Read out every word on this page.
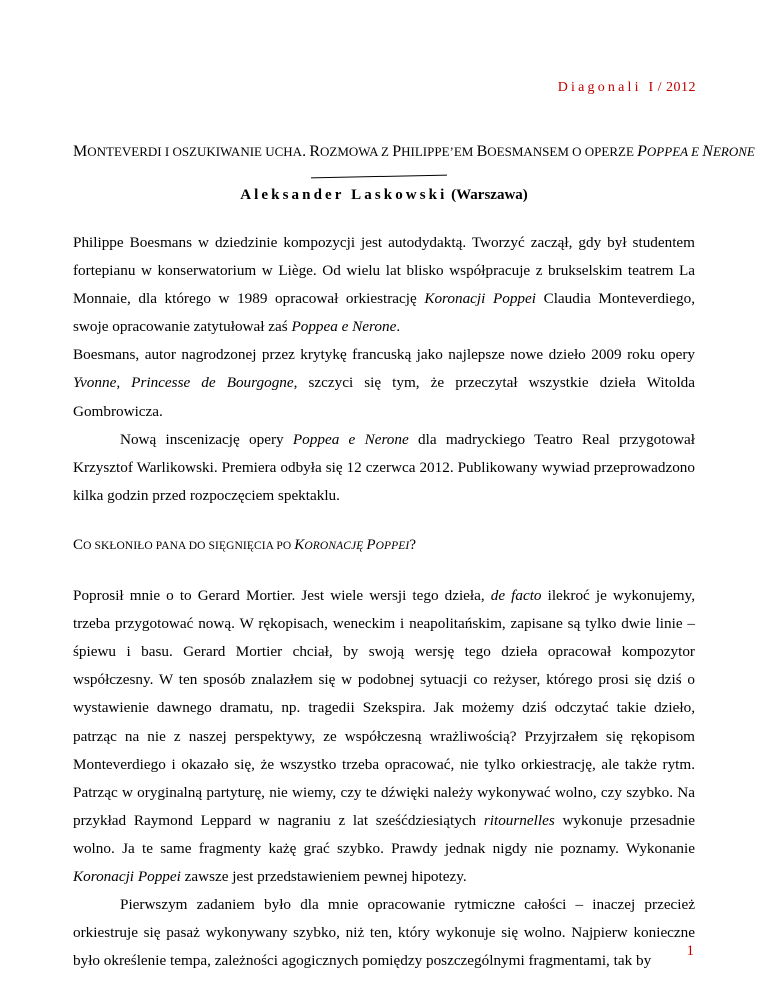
Diagonali I / 2012
MONTEVERDI I OSZUKIWANIE UCHA. ROZMOWA Z PHILIPPE’EM BOESMANSEM O OPERZE POPPEA E NERONE
Aleksander Laskowski (Warszawa)

Philippe Boesmans w dziedzinie kompozycji jest autodydaktą. Tworzyć zaczął, gdy był studentem fortepianu w konserwatorium w Liège. Od wielu lat blisko współpracuje z brukselskim teatrem La Monnaie, dla którego w 1989 opracował orkiestrację Koronacji Poppei Claudia Monteverdiego, swoje opracowanie zatytułował zaś Poppea e Nerone.

Boesmans, autor nagrodzonej przez krytykę francuską jako najlepsze nowe dzieło 2009 roku opery Yvonne, Princesse de Bourgogne, szczyci się tym, że przeczytał wszystkie dzieła Witolda Gombrowicza.

Nową inscenizację opery Poppea e Nerone dla madryckiego Teatro Real przygotował Krzysztof Warlikowski. Premiera odbyła się 12 czerwca 2012. Publikowany wywiad przeprowadzono kilka godzin przed rozpoczęciem spektaklu.

CO SKŁONIŁO PANA DO SIĘGNIĘCIA PO KORONACJĘ POPPEI?

Poprosił mnie o to Gerard Mortier. Jest wiele wersji tego dzieła, de facto ilekroć je wykonujemy, trzeba przygotować nową. W rękopisach, weneckim i neapolitańskim, zapisane są tylko dwie linie – śpiewu i basu. Gerard Mortier chciał, by swoją wersję tego dzieła opracował kompozytor współczesny. W ten sposób znalazłem się w podobnej sytuacji co reżyser, którego prosi się dziś o wystawienie dawnego dramatu, np. tragedii Szekspira. Jak możemy dziś odczytać takie dzieło, patrząc na nie z naszej perspektywy, ze współczesną wrażliwością? Przyjrzałem się rękopisom Monteverdiego i okazało się, że wszystko trzeba opracować, nie tylko orkiestrację, ale także rytm. Patrząc w oryginalną partyturę, nie wiemy, czy te dźwięki należy wykonywać wolno, czy szybko. Na przykład Raymond Leppard w nagraniu z lat sześćdziesiątych ritournelles wykonuje przesadnie wolno. Ja te same fragmenty każę grać szybko. Prawdy jednak nigdy nie poznamy. Wykonanie Koronacji Poppei zawsze jest przedstawieniem pewnej hipotezy.

Pierwszym zadaniem było dla mnie opracowanie rytmiczne całości – inaczej przecież orkiestruje się pasaż wykonywany szybko, niż ten, który wykonuje się wolno. Najpierw konieczne było określenie tempa, zależności agogicznych pomiędzy poszczególnymi fragmentami, tak by

1
